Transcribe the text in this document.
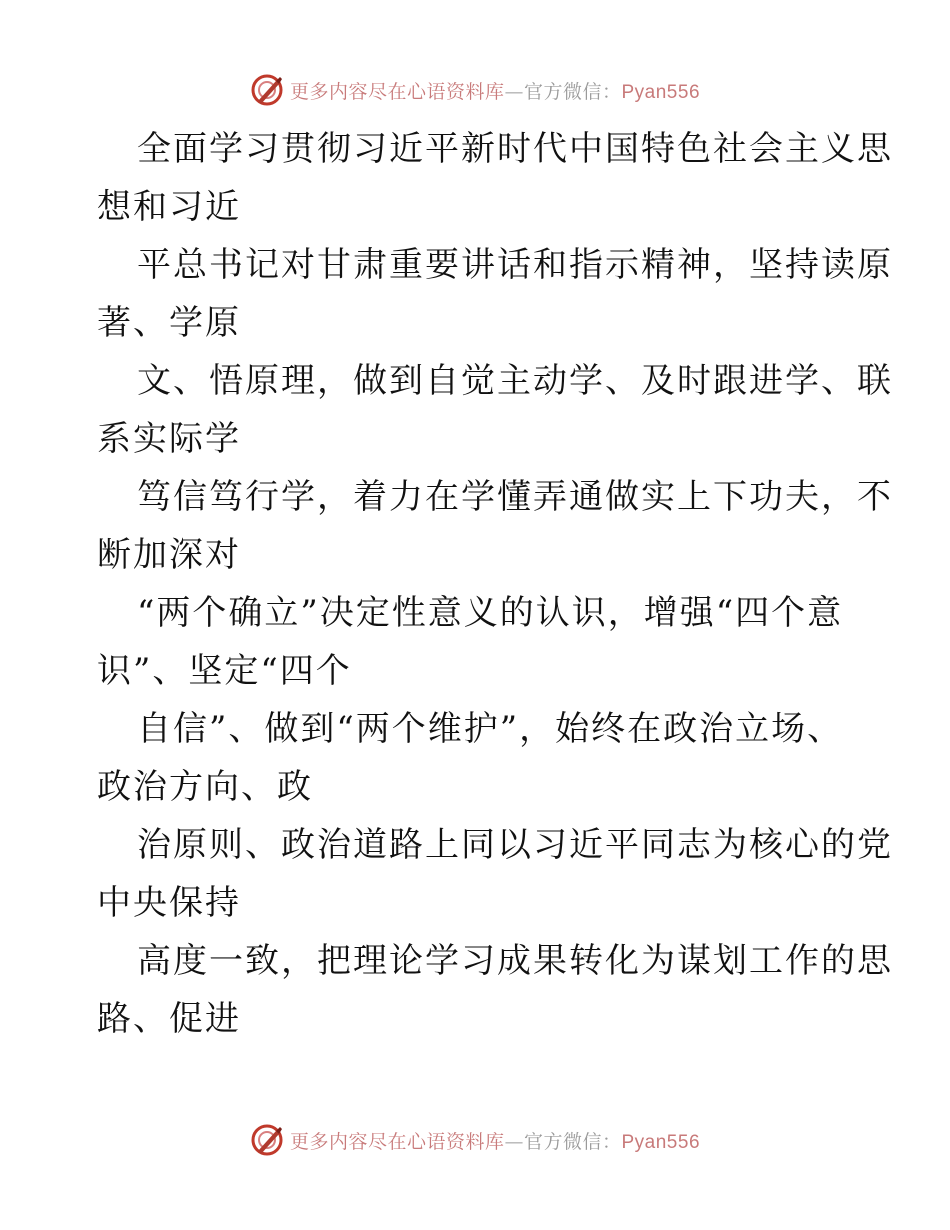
更多内容尽在心语资料库—官方微信：Pyan556
全面学习贯彻习近平新时代中国特色社会主义思
想和习近
平总书记对甘肃重要讲话和指示精神，坚持读原
著、学原
文、悟原理，做到自觉主动学、及时跟进学、联
系实际学
笃信笃行学，着力在学懂弄通做实上下功夫，不
断加深对
“两个确立”决定性意义的认识，增强“四个意
识”、坚定“四个
自信”、做到“两个维护”，始终在政治立场、
政治方向、政
治原则、政治道路上同以习近平同志为核心的党
中央保持
高度一致，把理论学习成果转化为谋划工作的思
路、促进
更多内容尽在心语资料库—官方微信：Pyan556
